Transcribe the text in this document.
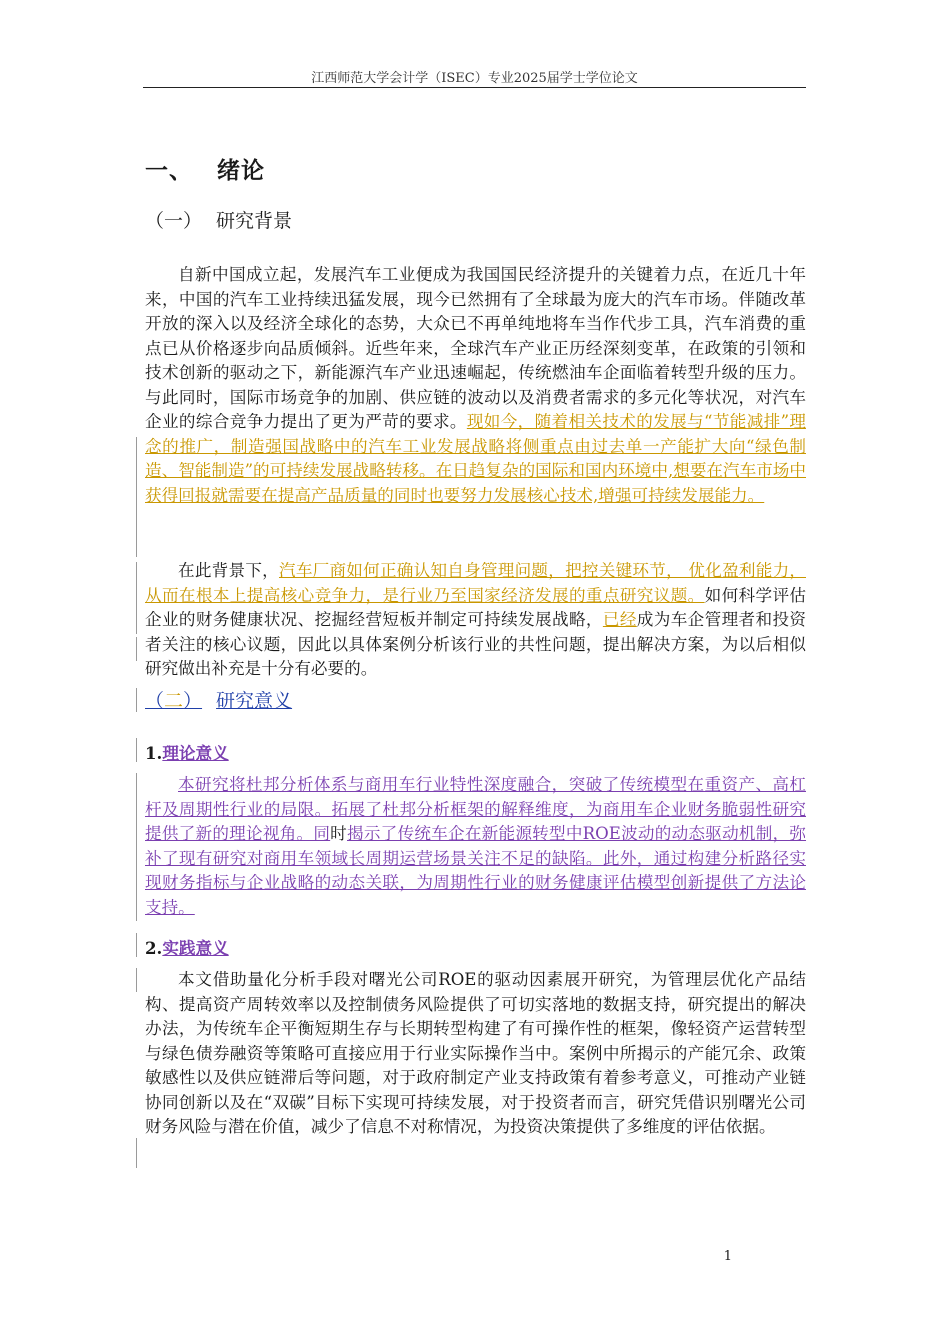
江西师范大学会计学（ISEC）专业2025届学士学位论文
一、 绪论
（一） 研究背景

自新中国成立起，发展汽车工业便成为我国国民经济提升的关键着力点，在近几十年来，中国的汽车工业持续迅猛发展，现今已然拥有了全球最为庞大的汽车市场。伴随改革开放的深入以及经济全球化的态势，大众已不再单纯地将车当作代步工具，汽车消费的重点已从价格逐步向品质倾斜。近些年来，全球汽车产业正历经深刻变革，在政策的引领和技术创新的驱动之下，新能源汽车产业迅速崛起，传统燃油车企面临着转型升级的压力。与此同时，国际市场竞争的加剧、供应链的波动以及消费者需求的多元化等状况，对汽车企业的综合竞争力提出了更为严苛的要求。现如今，随着相关技术的发展与“节能减排”理念的推广，制造强国战略中的汽车工业发展战略将侧重点由过去单一产能扩大向“绿色制造、智能制造”的可持续发展战略转移。在日趋复杂的国际和国内环境中,想要在汽车市场中获得回报就需要在提高产品质量的同时也要努力发展核心技术,增强可持续发展能力。

在此背景下，汽车厂商如何正确认知自身管理问题，把控关键环节， 优化盈利能力，从而在根本上提高核心竞争力，是行业乃至国家经济发展的重点研究议题。如何科学评估企业的财务健康状况、挖掘经营短板并制定可持续发展战略，已经成为车企管理者和投资者关注的核心议题，因此以具体案例分析该行业的共性问题，提出解决方案，为以后相似研究做出补充是十分有必要的。

（二） 研究意义
1.理论意义

本研究将杜邦分析体系与商用车行业特性深度融合，突破了传统模型在重资产、高杠杆及周期性行业的局限。拓展了杜邦分析框架的解释维度，为商用车企业财务脆弱性研究提供了新的理论视角。同时揭示了传统车企在新能源转型中ROE波动的动态驱动机制，弥补了现有研究对商用车领域长周期运营场景关注不足的缺陷。此外，通过构建分析路径实现财务指标与企业战略的动态关联，为周期性行业的财务健康评估模型创新提供了方法论支持。

2.实践意义

本文借助量化分析手段对曙光公司ROE的驱动因素展开研究，为管理层优化产品结构、提高资产周转效率以及控制债务风险提供了可切实落地的数据支持，研究提出的解决办法，为传统车企平衡短期生存与长期转型构建了有可操作性的框架，像轻资产运营转型与绿色债券融资等策略可直接应用于行业实际操作当中。案例中所揭示的产能冗余、政策敏感性以及供应链滞后等问题，对于政府制定产业支持政策有着参考意义，可推动产业链协同创新以及在“双碳”目标下实现可持续发展，对于投资者而言，研究凭借识别曙光公司财务风险与潜在价值，减少了信息不对称情况，为投资决策提供了多维度的评估依据。

1
